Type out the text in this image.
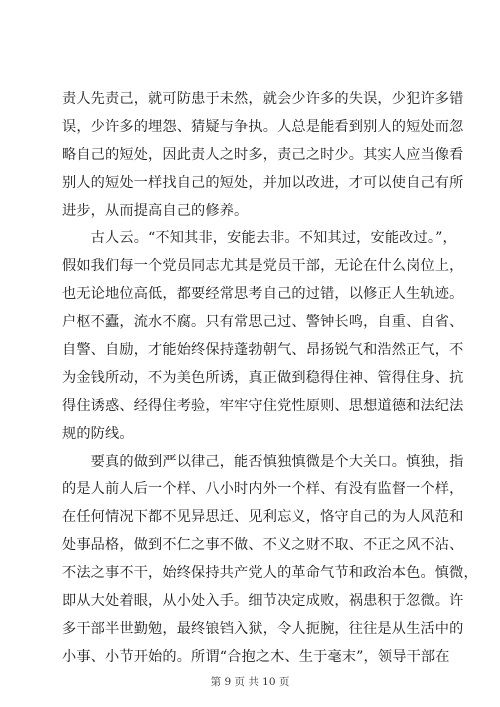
责人先责己，就可防患于未然，就会少许多的失误，少犯许多错
误，少许多的埋怨、猜疑与争执。人总是能看到别人的短处而忽
略自己的短处，因此责人之时多，责己之时少。其实人应当像看
别人的短处一样找自己的短处，并加以改进，才可以使自己有所
进步，从而提高自己的修养。
　　古人云。“不知其非，安能去非。不知其过，安能改过。”，
假如我们每一个党员同志尤其是党员干部，无论在什么岗位上，
也无论地位高低，都要经常思考自己的过错，以修正人生轨迹。
户枢不蠹，流水不腐。只有常思己过、警钟长鸣，自重、自省、
自警、自励，才能始终保持蓬勃朝气、昂扬锐气和浩然正气，不
为金钱所动，不为美色所诱，真正做到稳得住神、管得住身、抗
得住诱惑、经得住考验，牢牢守住党性原则、思想道德和法纪法
规的防线。
　　要真的做到严以律己，能否慎独慎微是个大关口。慎独，指
的是人前人后一个样、八小时内外一个样、有没有监督一个样，
在任何情况下都不见异思迁、见利忘义，恪守自己的为人风范和
处事品格，做到不仁之事不做、不义之财不取、不正之风不沾、
不法之事不干，始终保持共产党人的革命气节和政治本色。慎微，
即从大处着眼，从小处入手。细节决定成败，祸患积于忽微。许
多干部半世勤勉，最终锒铛入狱，令人扼腕，往往是从生活中的
小事、小节开始的。所谓“合抱之木、生于毫末”，领导干部在
第 9 页 共 10 页
